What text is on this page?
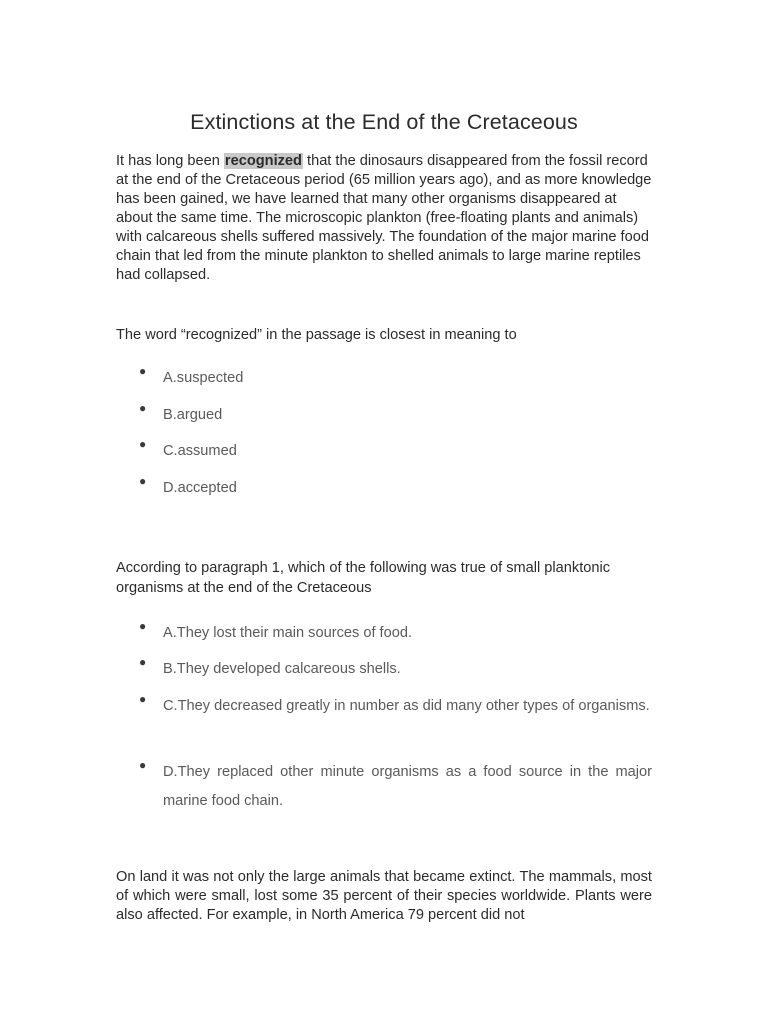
Extinctions at the End of the Cretaceous

It has long been recognized that the dinosaurs disappeared from the fossil record at the end of the Cretaceous period (65 million years ago), and as more knowledge has been gained, we have learned that many other organisms disappeared at about the same time. The microscopic plankton (free-floating plants and animals) with calcareous shells suffered massively. The foundation of the major marine food chain that led from the minute plankton to shelled animals to large marine reptiles had collapsed.

The word “recognized” in the passage is closest in meaning to

● A.suspected
● B.argued
● C.assumed
● D.accepted

According to paragraph 1, which of the following was true of small planktonic organisms at the end of the Cretaceous

● A.They lost their main sources of food.
● B.They developed calcareous shells.
● C.They decreased greatly in number as did many other types of organisms.
● D.They replaced other minute organisms as a food source in the major marine food chain.

On land it was not only the large animals that became extinct. The mammals, most of which were small, lost some 35 percent of their species worldwide. Plants were also affected. For example, in North America 79 percent did not
